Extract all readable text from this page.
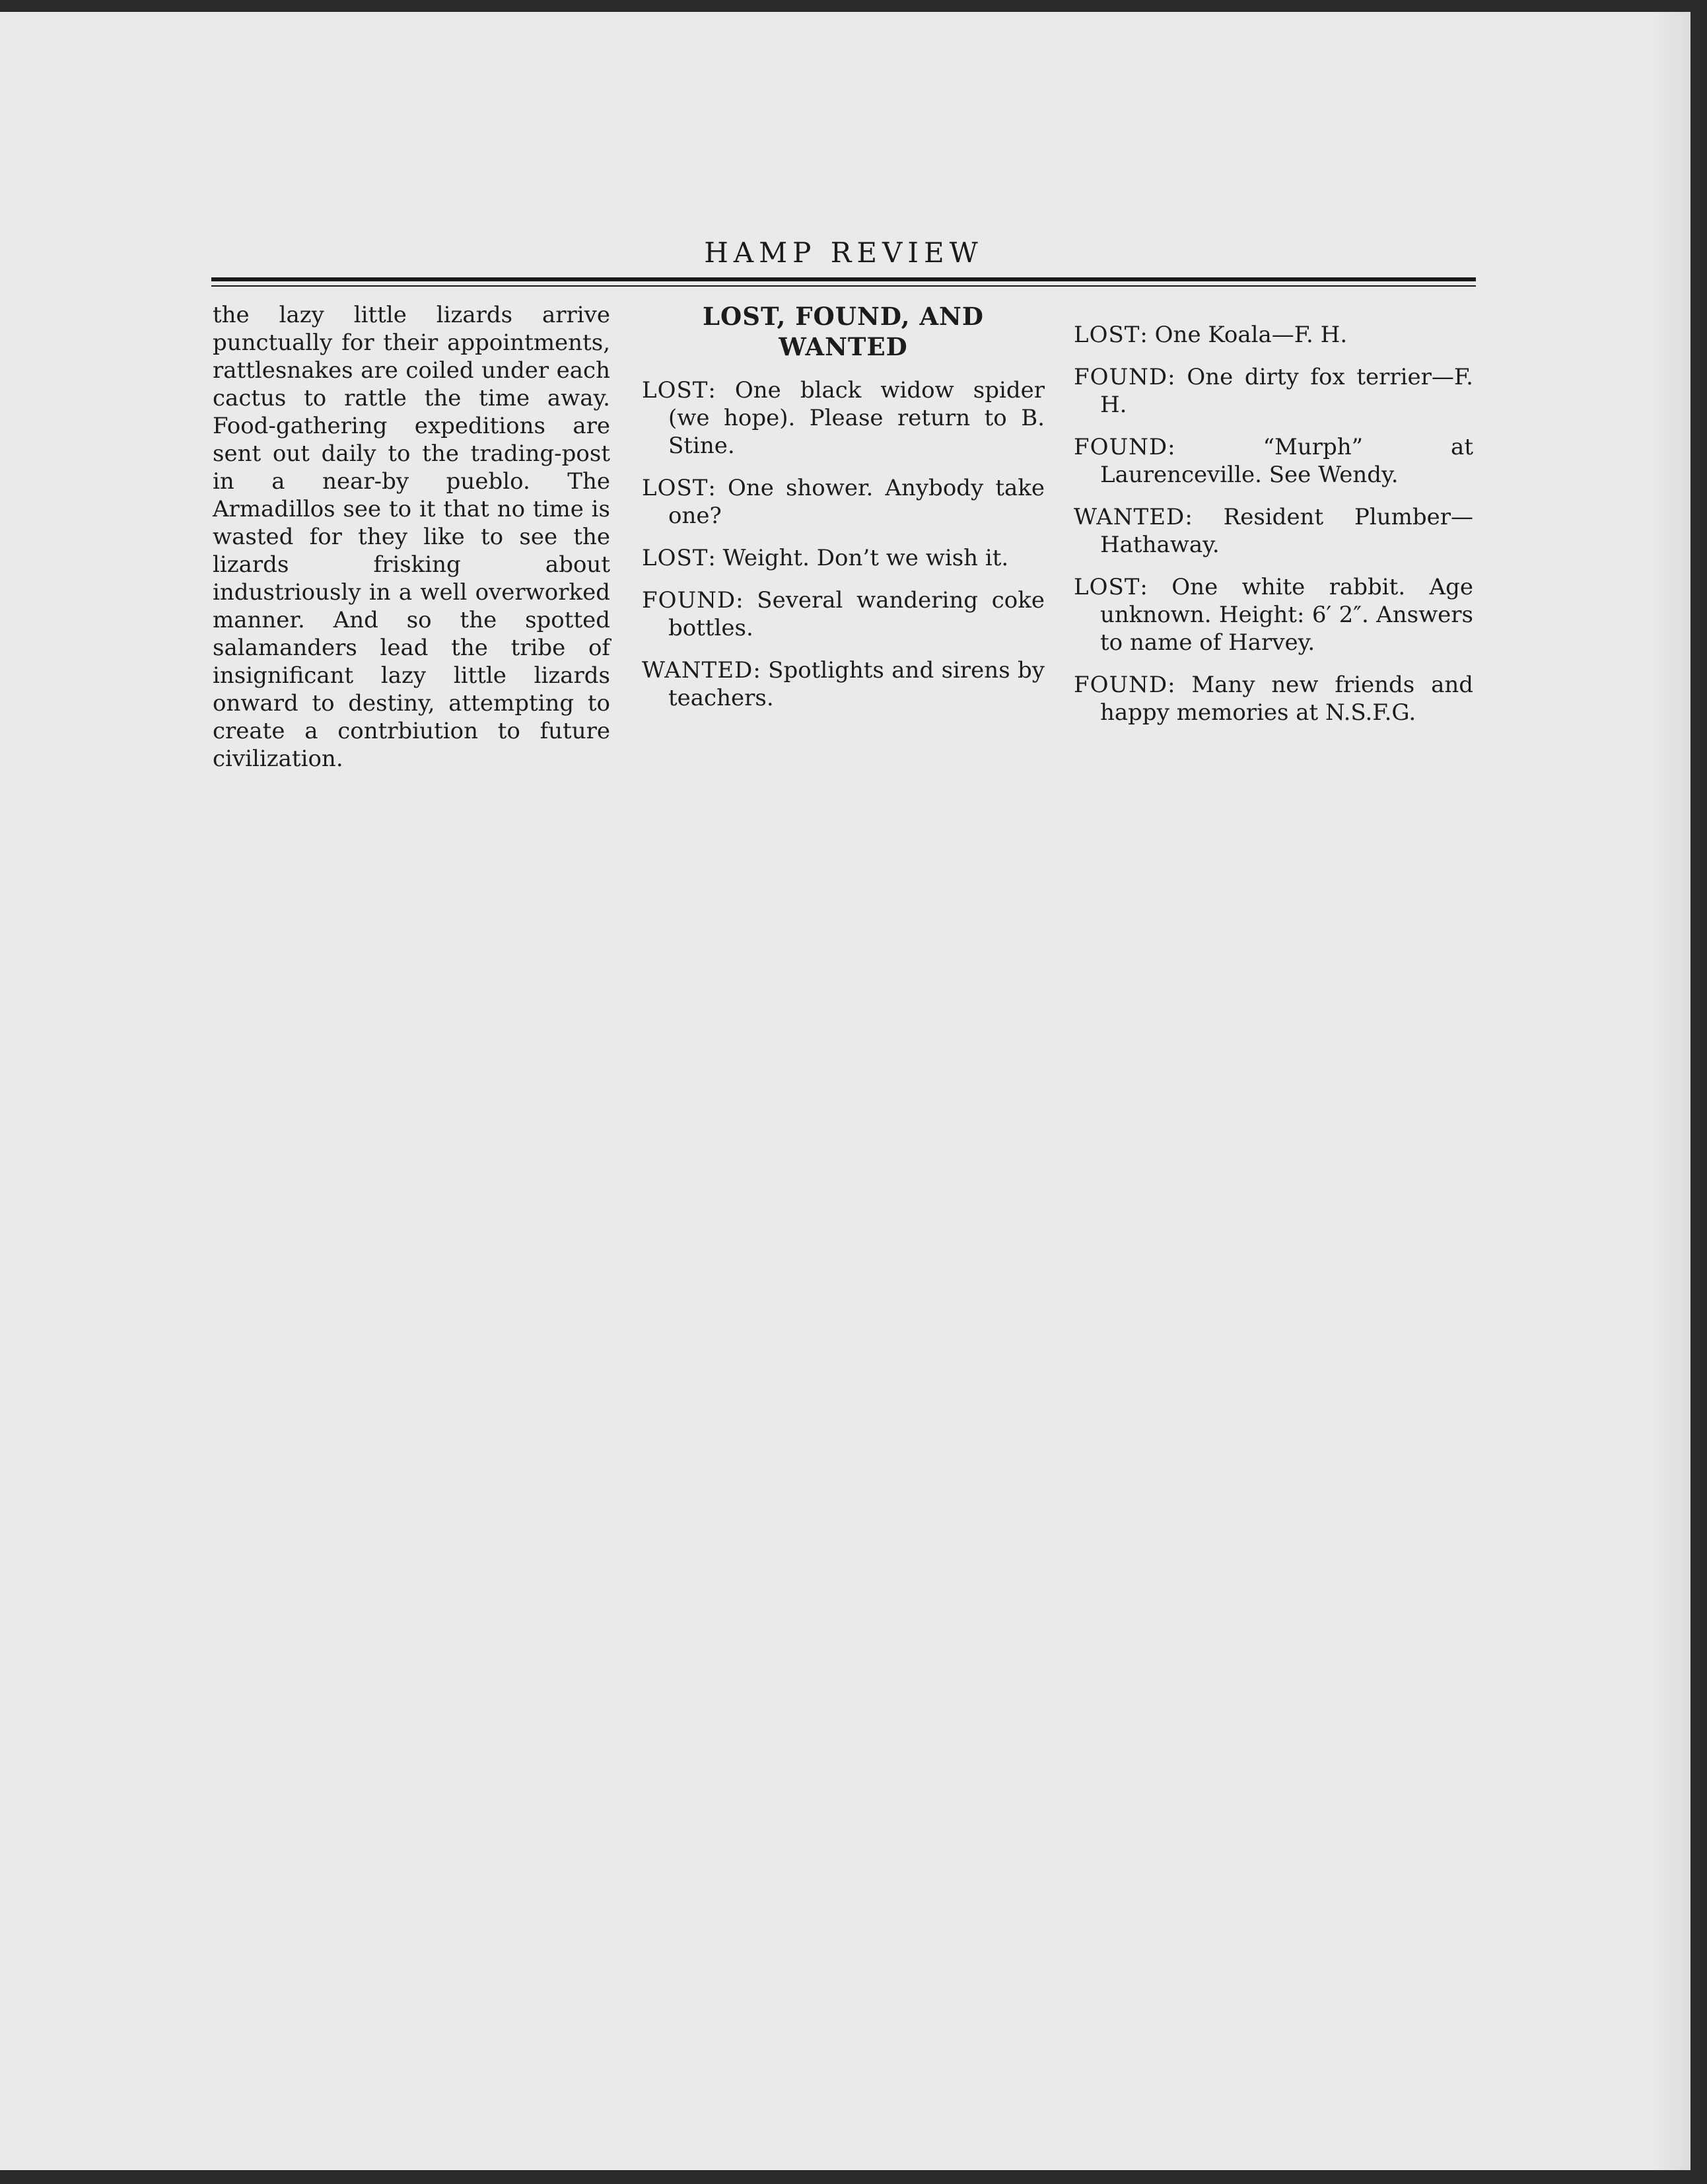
HAMP REVIEW
the lazy little lizards arrive punctually for their appointments, rattlesnakes are coiled under each cactus to rattle the time away. Food-gathering expeditions are sent out daily to the trading-post in a near-by pueblo. The Armadillos see to it that no time is wasted for they like to see the lizards frisking about industriously in a well overworked manner. And so the spotted salamanders lead the tribe of insignificant lazy little lizards onward to destiny, attempting to create a contrbiution to future civilization.
LOST, FOUND, AND WANTED
LOST: One black widow spider (we hope). Please return to B. Stine.
LOST: One shower. Anybody take one?
LOST: Weight. Don’t we wish it.
FOUND: Several wandering coke bottles.
WANTED: Spotlights and sirens by teachers.
LOST: One Koala—F. H.
FOUND: One dirty fox terrier—F. H.
FOUND: “Murph” at Laurenceville. See Wendy.
WANTED: Resident Plumber—Hathaway.
LOST: One white rabbit. Age unknown. Height: 6′ 2″. Answers to name of Harvey.
FOUND: Many new friends and happy memories at N.S.F.G.
